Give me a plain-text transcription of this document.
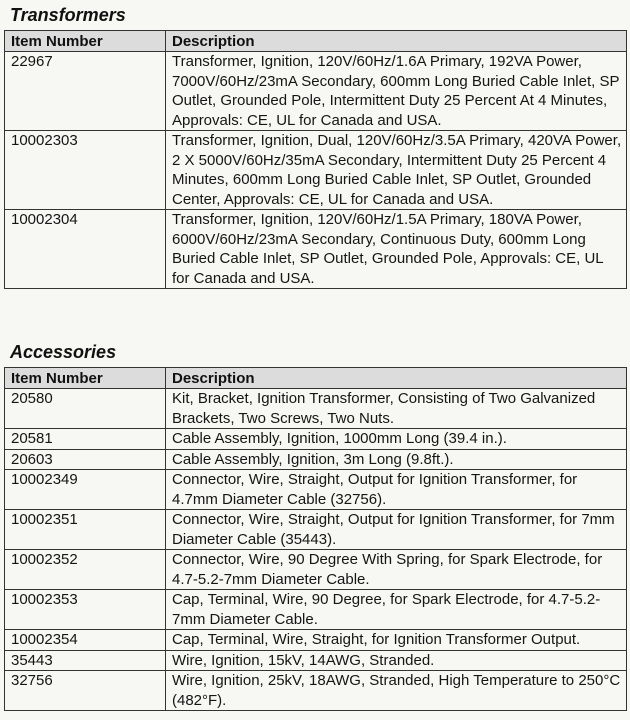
Transformers
Item Number	Description
22967	Transformer, Ignition, 120V/60Hz/1.6A Primary, 192VA Power, 7000V/60Hz/23mA Secondary, 600mm Long Buried Cable Inlet, SP Outlet, Grounded Pole, Intermittent Duty 25 Percent At 4 Minutes, Approvals: CE, UL for Canada and USA.
10002303	Transformer, Ignition, Dual, 120V/60Hz/3.5A Primary, 420VA Power, 2 X 5000V/60Hz/35mA Secondary, Intermittent Duty 25 Percent 4 Minutes, 600mm Long Buried Cable Inlet, SP Outlet, Grounded Center, Approvals: CE, UL for Canada and USA.
10002304	Transformer, Ignition, 120V/60Hz/1.5A Primary, 180VA Power, 6000V/60Hz/23mA Secondary, Continuous Duty, 600mm Long Buried Cable Inlet, SP Outlet, Grounded Pole, Approvals: CE, UL for Canada and USA.
Accessories
Item Number	Description
20580	Kit, Bracket, Ignition Transformer, Consisting of Two Galvanized Brackets, Two Screws, Two Nuts.
20581	Cable Assembly, Ignition, 1000mm Long (39.4 in.).
20603	Cable Assembly, Ignition, 3m Long (9.8ft.).
10002349	Connector, Wire, Straight, Output for Ignition Transformer, for 4.7mm Diameter Cable (32756).
10002351	Connector, Wire, Straight, Output for Ignition Transformer, for 7mm Diameter Cable (35443).
10002352	Connector, Wire, 90 Degree With Spring, for Spark Electrode, for 4.7-5.2-7mm Diameter Cable.
10002353	Cap, Terminal, Wire, 90 Degree, for Spark Electrode, for 4.7-5.2-7mm Diameter Cable.
10002354	Cap, Terminal, Wire, Straight, for Ignition Transformer Output.
35443	Wire, Ignition, 15kV, 14AWG, Stranded.
32756	Wire, Ignition, 25kV, 18AWG, Stranded, High Temperature to 250°C (482°F).
